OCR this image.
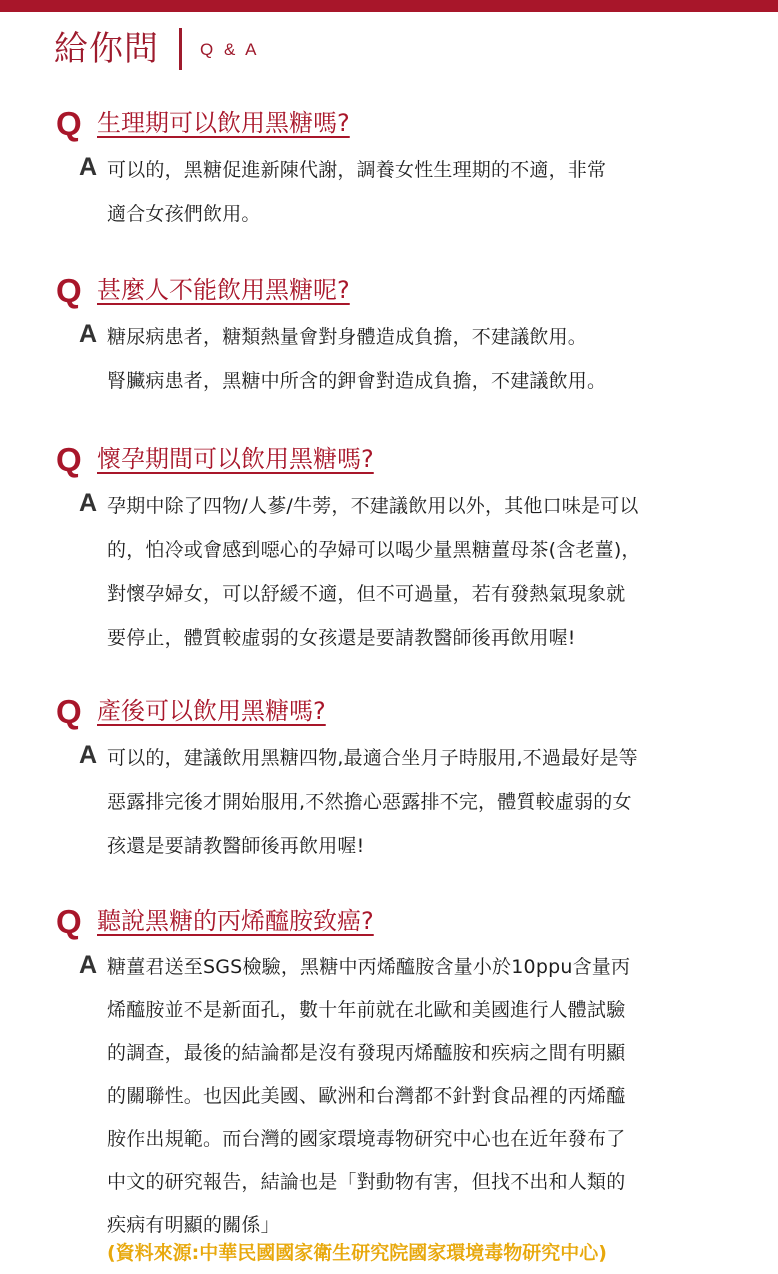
給你問 Q & A
Q 生理期可以飲用黑糖嗎?
A 可以的，黑糖促進新陳代謝，調養女性生理期的不適，非常
適合女孩們飲用。
Q 甚麼人不能飲用黑糖呢?
A 糖尿病患者，糖類熱量會對身體造成負擔，不建議飲用。
腎臟病患者，黑糖中所含的鉀會對造成負擔，不建議飲用。
Q 懷孕期間可以飲用黑糖嗎?
A 孕期中除了四物/人蔘/牛蒡，不建議飲用以外，其他口味是可以
的，怕冷或會感到噁心的孕婦可以喝少量黑糖薑母茶(含老薑)，
對懷孕婦女，可以舒緩不適，但不可過量，若有發熱氣現象就
要停止，體質較虛弱的女孩還是要請教醫師後再飲用喔!
Q 產後可以飲用黑糖嗎?
A 可以的，建議飲用黑糖四物,最適合坐月子時服用,不過最好是等
惡露排完後才開始服用,不然擔心惡露排不完，體質較虛弱的女
孩還是要請教醫師後再飲用喔!
Q 聽說黑糖的丙烯醯胺致癌?
A 糖薑君送至SGS檢驗，黑糖中丙烯醯胺含量小於10ppu含量丙
烯醯胺並不是新面孔，數十年前就在北歐和美國進行人體試驗
的調查，最後的結論都是沒有發現丙烯醯胺和疾病之間有明顯
的關聯性。也因此美國、歐洲和台灣都不針對食品裡的丙烯醯
胺作出規範。而台灣的國家環境毒物研究中心也在近年發布了
中文的研究報告，結論也是「對動物有害，但找不出和人類的
疾病有明顯的關係」
(資料來源:中華民國國家衛生研究院國家環境毒物研究中心)
